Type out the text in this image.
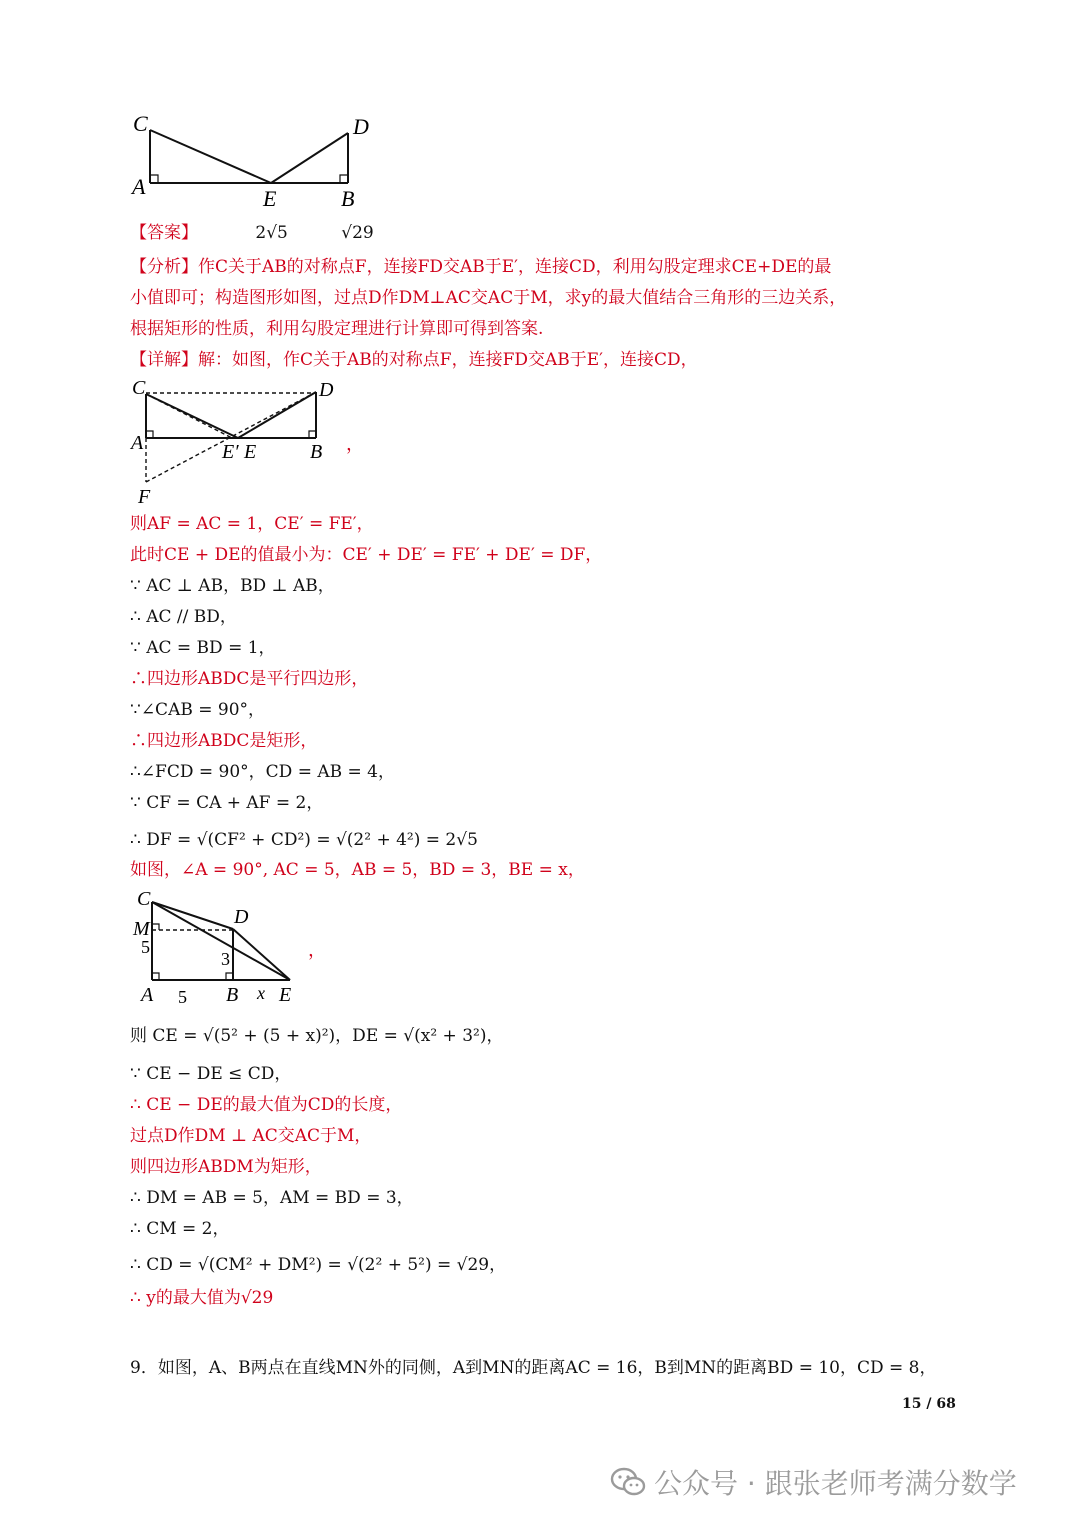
C	D
A	E	B
【答案】	2√5	√29
【分析】作C关于AB的对称点F，连接FD交AB于E′，连接CD，利用勾股定理求CE+DE的最
小值即可；构造图形如图，过点D作DM⊥AC交AC于M，求y的最大值结合三角形的三边关系，
根据矩形的性质，利用勾股定理进行计算即可得到答案.
【详解】解：如图，作C关于AB的对称点F，连接FD交AB于E′，连接CD，
C	D
A	E′ E	B
F
，
则AF = AC = 1，CE′ = FE′，
此时CE + DE的值最小为：CE′ + DE′ = FE′ + DE′ = DF，
∵ AC ⊥ AB，BD ⊥ AB，
∴ AC // BD，
∵ AC = BD = 1，
∴四边形ABDC是平行四边形，
∵∠CAB = 90°，
∴四边形ABDC是矩形，
∴∠FCD = 90°，CD = AB = 4，
∵ CF = CA + AF = 2，
∴ DF = √(CF² + CD²) = √(2² + 4²) = 2√5
如图，∠A = 90°, AC = 5，AB = 5，BD = 3，BE = x，
C
D
M
5
3
A 5 B x E
，
则 CE = √(5² + (5 + x)²)，DE = √(x² + 3²)，
∵ CE − DE ≤ CD，
∴ CE − DE的最大值为CD的长度，
过点D作DM ⊥ AC交AC于M，
则四边形ABDM为矩形，
∴ DM = AB = 5，AM = BD = 3，
∴ CM = 2，
∴ CD = √(CM² + DM²) = √(2² + 5²) = √29，
∴ y的最大值为√29
9．如图，A、B两点在直线MN外的同侧，A到MN的距离AC = 16，B到MN的距离BD = 10，CD = 8，
15 / 68
公众号 · 跟张老师考满分数学
